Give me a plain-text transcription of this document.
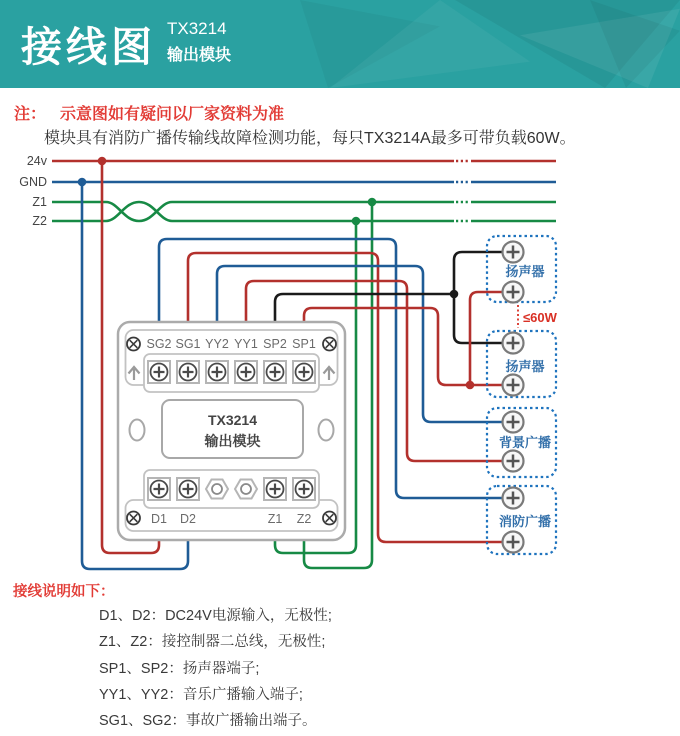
接线图 TX3214
输出模块
注： 示意图如有疑问以厂家资料为准
模块具有消防广播传输线故障检测功能，每只TX3214A最多可带负载60W。
24v
GND
Z1
Z2
SG2 SG1 YY2 YY1 SP2 SP1
TX3214
输出模块
D1 D2	Z1 Z2
扬声器
扬声器
背景广播
消防广播
≤60W
接线说明如下：
D1、D2：DC24V电源输入，无极性;
Z1、Z2：接控制器二总线，无极性;
SP1、SP2：扬声器端子;
YY1、YY2：音乐广播输入端子;
SG1、SG2：事故广播输出端子。
